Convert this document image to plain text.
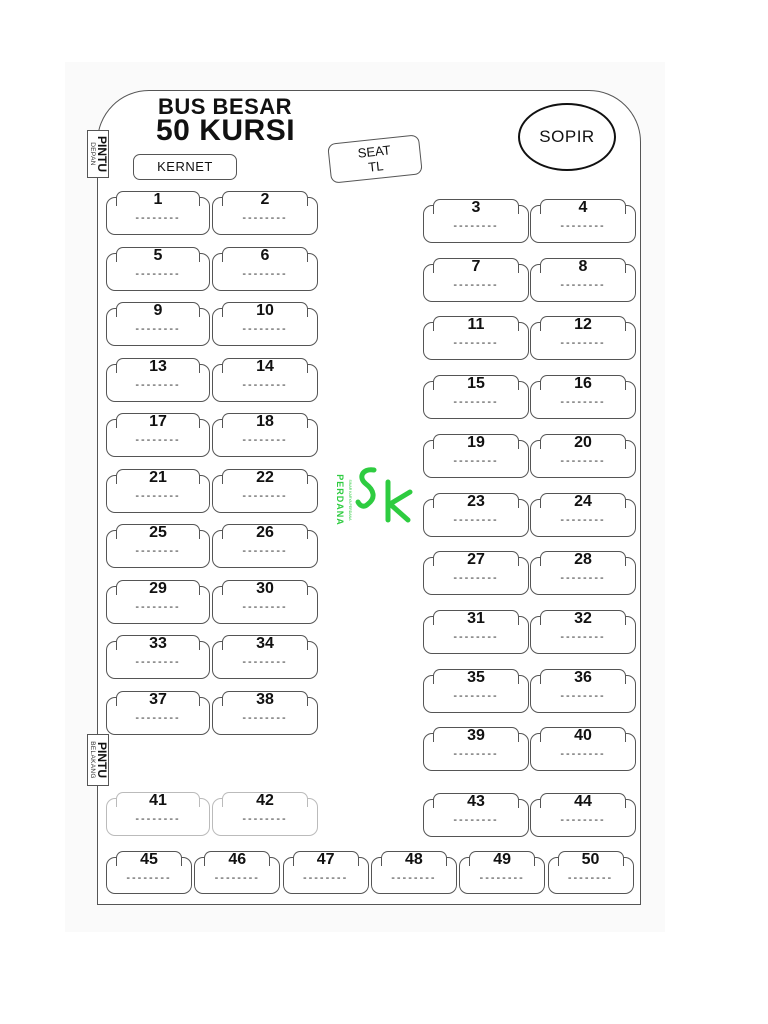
BUS BESAR
50 KURSI
PINTU
DEPAN
PINTU
BELAKANG
KERNET
SEAT
TL
SOPIR
PERDANA SINAR KARYA PERDANA
1
--------
2
--------
5
--------
6
--------
9
--------
10
--------
13
--------
14
--------
17
--------
18
--------
21
--------
22
--------
25
--------
26
--------
29
--------
30
--------
33
--------
34
--------
37
--------
38
--------
41
--------
42
--------
3
--------
4
--------
7
--------
8
--------
11
--------
12
--------
15
--------
16
--------
19
--------
20
--------
23
--------
24
--------
27
--------
28
--------
31
--------
32
--------
35
--------
36
--------
39
--------
40
--------
43
--------
44
--------
45
--------
46
--------
47
--------
48
--------
49
--------
50
--------
